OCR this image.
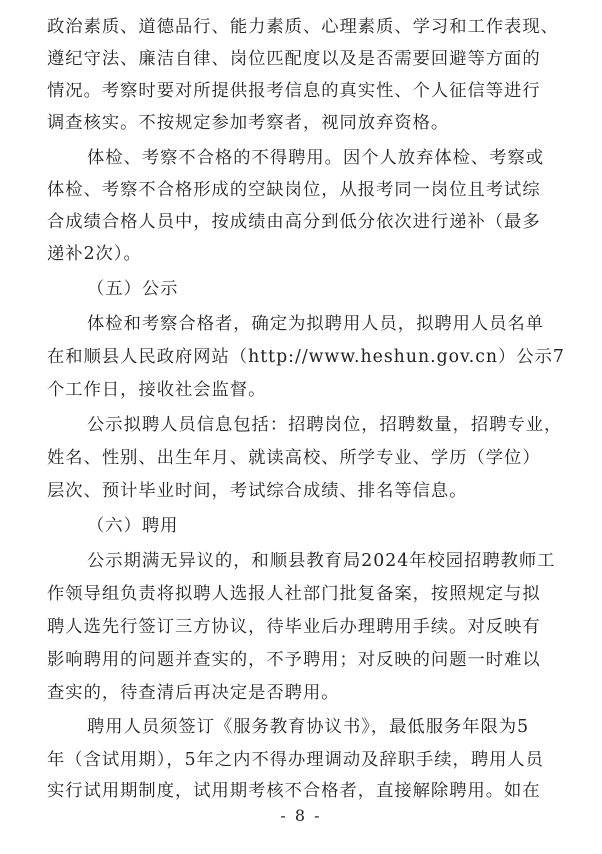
政治素质、道德品行、能力素质、心理素质、学习和工作表现、
遵纪守法、廉洁自律、岗位匹配度以及是否需要回避等方面的
情况。考察时要对所提供报考信息的真实性、个人征信等进行
调查核实。不按规定参加考察者，视同放弃资格。
体检、考察不合格的不得聘用。因个人放弃体检、考察或
体检、考察不合格形成的空缺岗位，从报考同一岗位且考试综
合成绩合格人员中，按成绩由高分到低分依次进行递补（最多
递补2次）。
（五）公示
体检和考察合格者，确定为拟聘用人员，拟聘用人员名单
在和顺县人民政府网站（http://www.heshun.gov.cn）公示7
个工作日，接收社会监督。
公示拟聘人员信息包括：招聘岗位，招聘数量，招聘专业，
姓名、性别、出生年月、就读高校、所学专业、学历（学位）
层次、预计毕业时间，考试综合成绩、排名等信息。
（六）聘用
公示期满无异议的，和顺县教育局2024年校园招聘教师工
作领导组负责将拟聘人选报人社部门批复备案，按照规定与拟
聘人选先行签订三方协议，待毕业后办理聘用手续。对反映有
影响聘用的问题并查实的，不予聘用；对反映的问题一时难以
查实的，待查清后再决定是否聘用。
聘用人员须签订《服务教育协议书》，最低服务年限为5
年（含试用期），5年之内不得办理调动及辞职手续，聘用人员
实行试用期制度，试用期考核不合格者，直接解除聘用。如在
- 8 -
